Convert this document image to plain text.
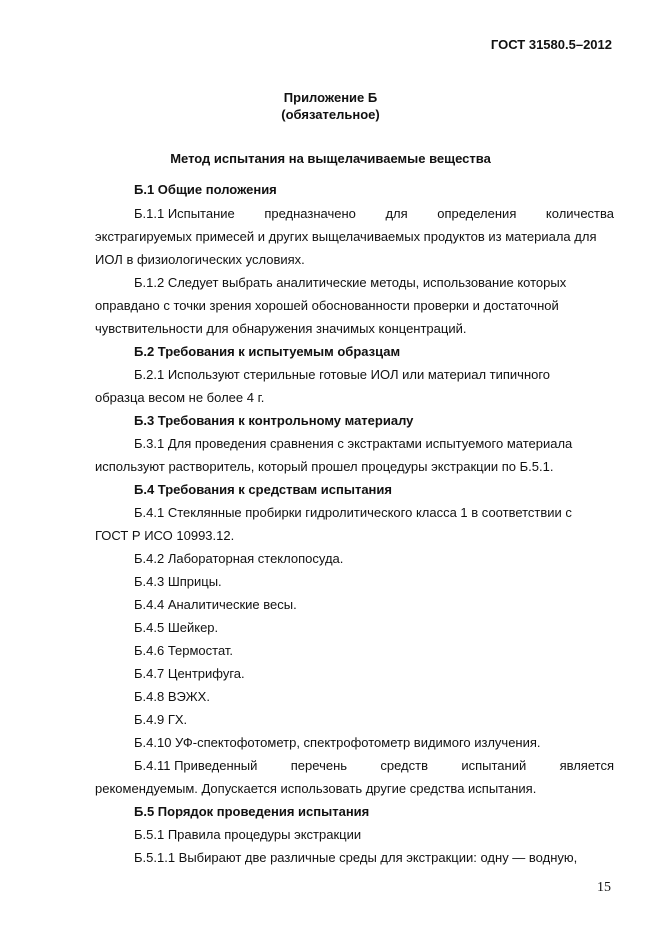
ГОСТ 31580.5–2012
Приложение Б
(обязательное)
Метод испытания на выщелачиваемые вещества
Б.1 Общие положения
Б.1.1 Испытание предназначено для определения количества
экстрагируемых примесей и других выщелачиваемых продуктов из материала для
ИОЛ в физиологических условиях.
Б.1.2 Следует выбрать аналитические методы, использование которых
оправдано с точки зрения хорошей обоснованности проверки и достаточной
чувствительности для обнаружения значимых концентраций.
Б.2 Требования к испытуемым образцам
Б.2.1 Используют стерильные готовые ИОЛ или материал типичного
образца весом не более 4 г.
Б.3 Требования к контрольному материалу
Б.3.1 Для проведения сравнения с экстрактами испытуемого материала
используют растворитель, который прошел процедуры экстракции по Б.5.1.
Б.4 Требования к средствам испытания
Б.4.1 Стеклянные пробирки гидролитического класса 1 в соответствии с
ГОСТ Р ИСО 10993.12.
Б.4.2 Лабораторная стеклопосуда.
Б.4.3 Шприцы.
Б.4.4 Аналитические весы.
Б.4.5 Шейкер.
Б.4.6 Термостат.
Б.4.7 Центрифуга.
Б.4.8 ВЭЖХ.
Б.4.9 ГХ.
Б.4.10 УФ-спектофотометр, спектрофотометр видимого излучения.
Б.4.11 Приведенный	перечень	средств	испытаний	является
рекомендуемым. Допускается использовать другие средства испытания.
Б.5 Порядок проведения испытания
Б.5.1 Правила процедуры экстракции
Б.5.1.1 Выбирают две различные среды для экстракции: одну — водную,
15
